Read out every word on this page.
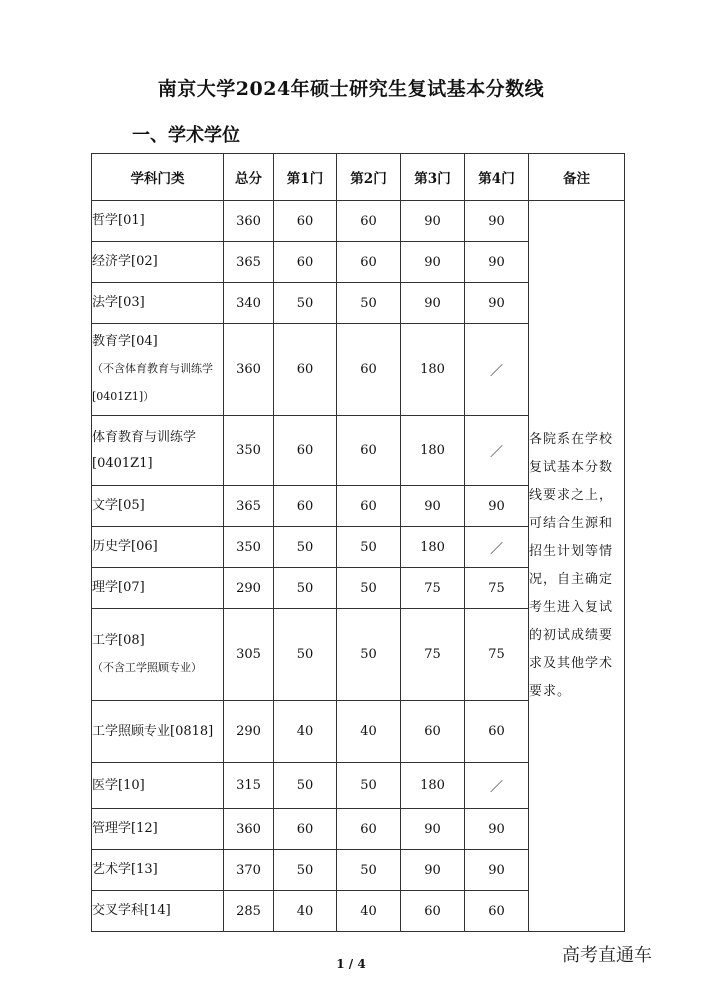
南京大学2024年硕士研究生复试基本分数线
一、学术学位
学科门类	总分	第1门	第2门	第3门	第4门	备注

哲学[01]	360	60	60	90	90	各院系在学校复试基本分数线要求之上，可结合生源和招生计划等情况，自主确定考生进入复试的初试成绩要求及其他学术要求。

经济学[02]	365	60	60	90	90	

法学[03]	340	50	50	90	90	

教育学[04]
（不含体育教育与训练学[0401Z1]）	360	60	60	180	／	

体育教育与训练学[0401Z1]	350	60	60	180	／	

文学[05]	365	60	60	90	90	

历史学[06]	350	50	50	180	／	

理学[07]	290	50	50	75	75	

工学[08]
（不含工学照顾专业）	305	50	50	75	75	

工学照顾专业[0818]	290	40	40	60	60	

医学[10]	315	50	50	180	／	

管理学[12]	360	60	60	90	90	

艺术学[13]	370	50	50	90	90	

交叉学科[14]	285	40	40	60	60	
1 / 4	高考直通车
